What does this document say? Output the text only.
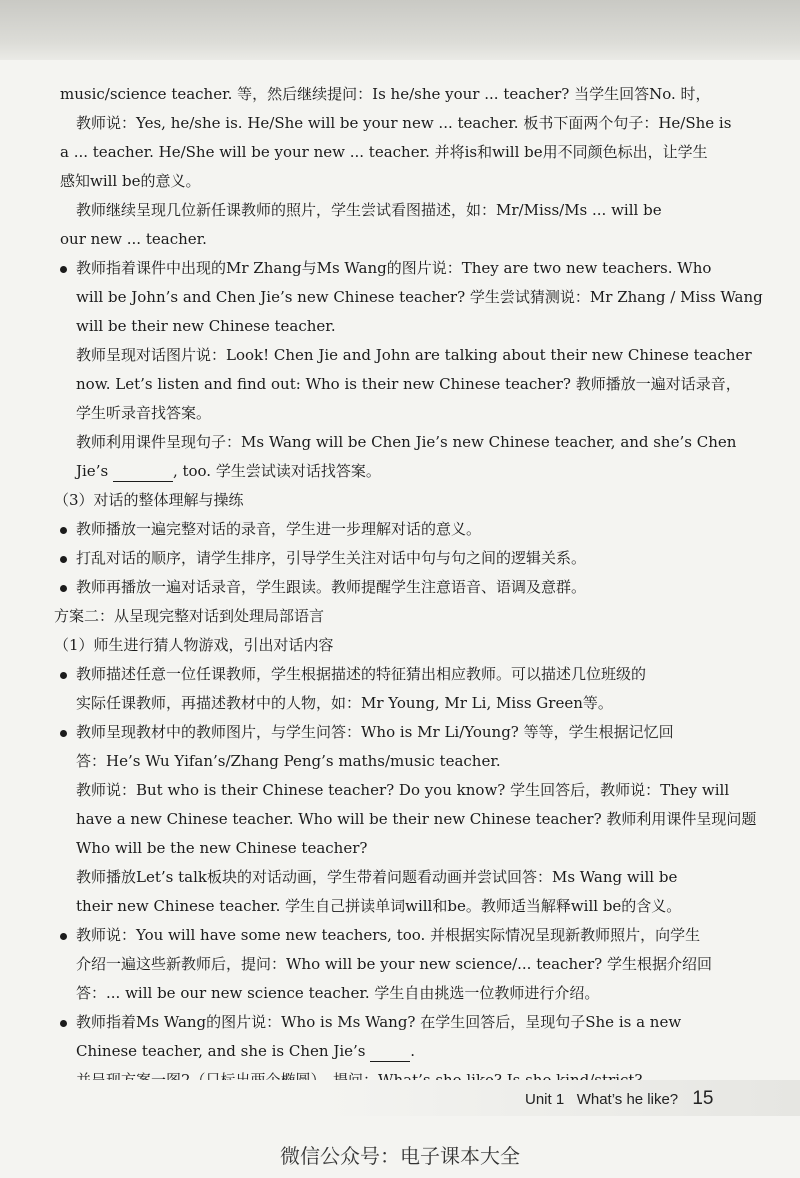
music/science teacher. 等，然后继续提问：Is he/she your ... teacher? 当学生回答No. 时，
教师说：Yes, he/she is. He/She will be your new ... teacher. 板书下面两个句子：He/She is
a ... teacher. He/She will be your new ... teacher. 并将is和will be用不同颜色标出，让学生
感知will be的意义。
教师继续呈现几位新任课教师的照片，学生尝试看图描述，如：Mr/Miss/Ms ... will be
our new ... teacher.
教师指着课件中出现的Mr Zhang与Ms Wang的图片说：They are two new teachers. Who
will be John’s and Chen Jie’s new Chinese teacher? 学生尝试猜测说：Mr Zhang / Miss Wang
will be their new Chinese teacher.
教师呈现对话图片说：Look! Chen Jie and John are talking about their new Chinese teacher
now. Let’s listen and find out: Who is their new Chinese teacher? 教师播放一遍对话录音，
学生听录音找答案。
教师利用课件呈现句子：Ms Wang will be Chen Jie’s new Chinese teacher, and she’s Chen
Jie’s	, too. 学生尝试读对话找答案。
（3）对话的整体理解与操练
教师播放一遍完整对话的录音，学生进一步理解对话的意义。
打乱对话的顺序，请学生排序，引导学生关注对话中句与句之间的逻辑关系。
教师再播放一遍对话录音，学生跟读。教师提醒学生注意语音、语调及意群。
方案二：从呈现完整对话到处理局部语言
（1）师生进行猜人物游戏，引出对话内容
教师描述任意一位任课教师，学生根据描述的特征猜出相应教师。可以描述几位班级的
实际任课教师，再描述教材中的人物，如：Mr Young, Mr Li, Miss Green等。
教师呈现教材中的教师图片，与学生问答：Who is Mr Li/Young? 等等，学生根据记忆回
答：He’s Wu Yifan’s/Zhang Peng’s maths/music teacher.
教师说：But who is their Chinese teacher? Do you know? 学生回答后，教师说：They will
have a new Chinese teacher. Who will be their new Chinese teacher? 教师利用课件呈现问题
Who will be the new Chinese teacher?
教师播放Let’s talk板块的对话动画，学生带着问题看动画并尝试回答：Ms Wang will be
their new Chinese teacher. 学生自己拼读单词will和be。教师适当解释will be的含义。
教师说：You will have some new teachers, too. 并根据实际情况呈现新教师照片，向学生
介绍一遍这些新教师后，提问：Who will be your new science/... teacher? 学生根据介绍回
答：... will be our new science teacher. 学生自由挑选一位教师进行介绍。
教师指着Ms Wang的图片说：Who is Ms Wang? 在学生回答后，呈现句子She is a new
Chinese teacher, and she is Chen Jie’s	.
Unit 1 What’s he like? 15
微信公众号：电子课本大全
